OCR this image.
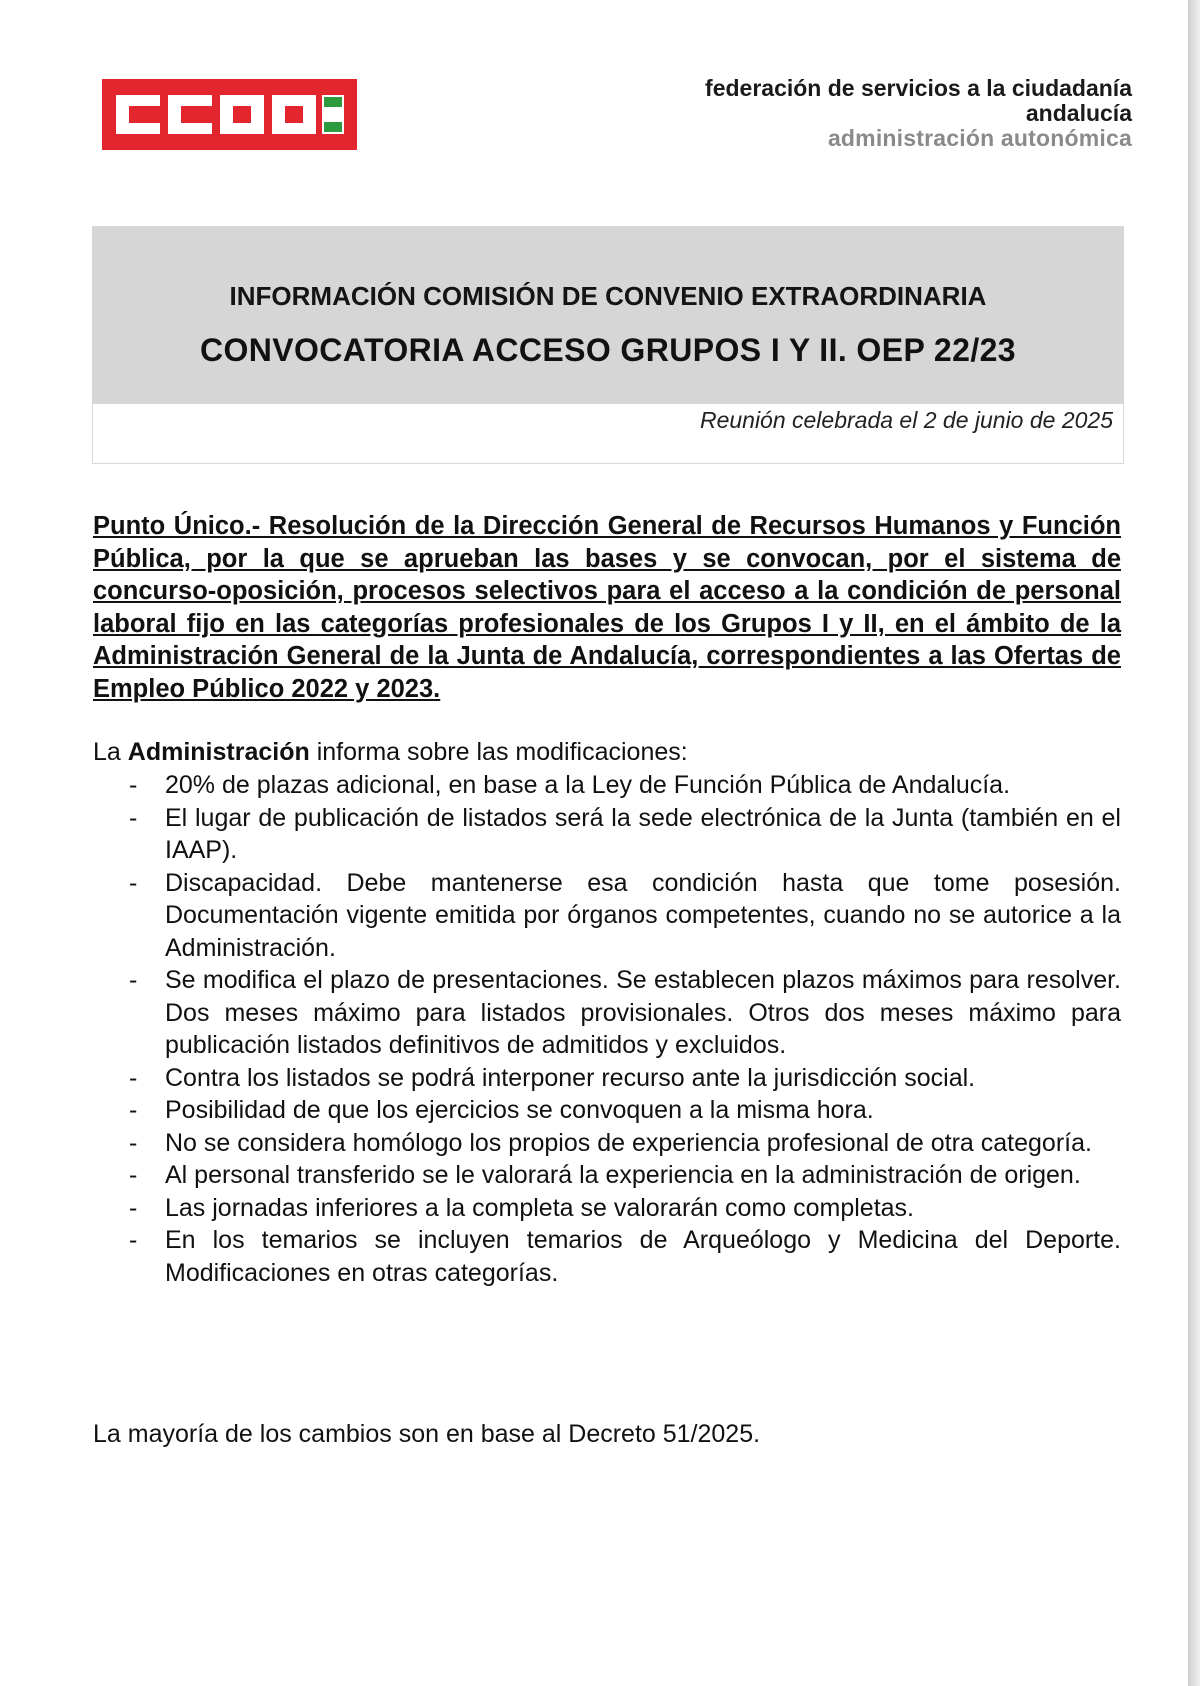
federación de servicios a la ciudadanía
andalucía
administración autonómica
INFORMACIÓN COMISIÓN DE CONVENIO EXTRAORDINARIA
CONVOCATORIA ACCESO GRUPOS I Y II. OEP 22/23
Reunión celebrada el 2 de junio de 2025
Punto Único.- Resolución de la Dirección General de Recursos Humanos y Función Pública, por la que se aprueban las bases y se convocan, por el sistema de concurso-oposición, procesos selectivos para el acceso a la condición de personal laboral fijo en las categorías profesionales de los Grupos I y II, en el ámbito de la Administración General de la Junta de Andalucía, correspondientes a las Ofertas de Empleo Público 2022 y 2023.
La Administración informa sobre las modificaciones:
- 20% de plazas adicional, en base a la Ley de Función Pública de Andalucía.
- El lugar de publicación de listados será la sede electrónica de la Junta (también en el IAAP).
- Discapacidad. Debe mantenerse esa condición hasta que tome posesión. Documentación vigente emitida por órganos competentes, cuando no se autorice a la Administración.
- Se modifica el plazo de presentaciones. Se establecen plazos máximos para resolver. Dos meses máximo para listados provisionales. Otros dos meses máximo para publicación listados definitivos de admitidos y excluidos.
- Contra los listados se podrá interponer recurso ante la jurisdicción social.
- Posibilidad de que los ejercicios se convoquen a la misma hora.
- No se considera homólogo los propios de experiencia profesional de otra categoría.
- Al personal transferido se le valorará la experiencia en la administración de origen.
- Las jornadas inferiores a la completa se valorarán como completas.
- En los temarios se incluyen temarios de Arqueólogo y Medicina del Deporte. Modificaciones en otras categorías.
La mayoría de los cambios son en base al Decreto 51/2025.
